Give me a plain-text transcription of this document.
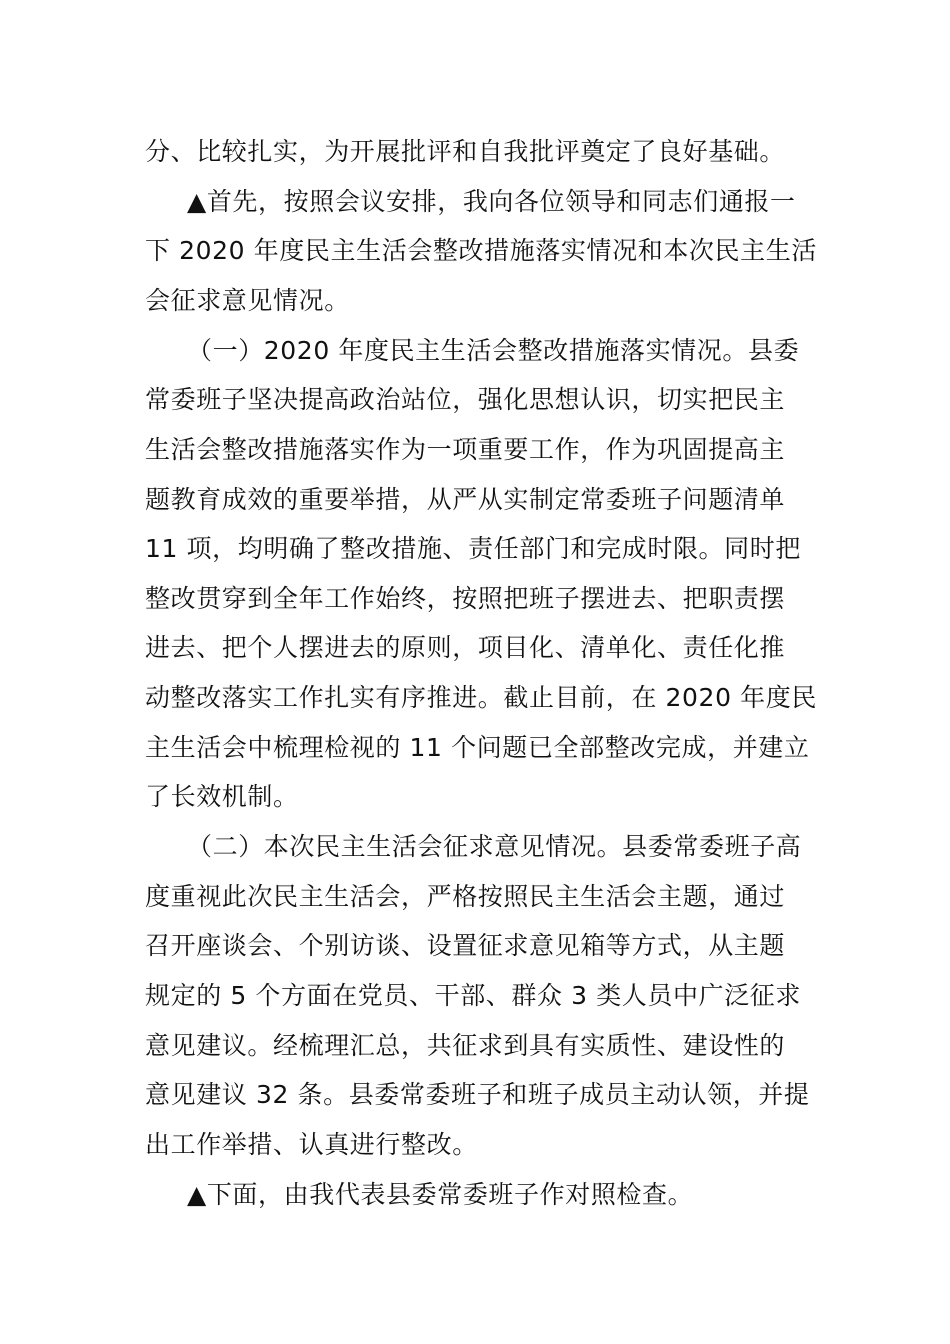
分、比较扎实，为开展批评和自我批评奠定了良好基础。
▲首先，按照会议安排，我向各位领导和同志们通报一
下 2020 年度民主生活会整改措施落实情况和本次民主生活
会征求意见情况。
（一）2020 年度民主生活会整改措施落实情况。县委
常委班子坚决提高政治站位，强化思想认识，切实把民主
生活会整改措施落实作为一项重要工作，作为巩固提高主
题教育成效的重要举措，从严从实制定常委班子问题清单
11 项，均明确了整改措施、责任部门和完成时限。同时把
整改贯穿到全年工作始终，按照把班子摆进去、把职责摆
进去、把个人摆进去的原则，项目化、清单化、责任化推
动整改落实工作扎实有序推进。截止目前，在 2020 年度民
主生活会中梳理检视的 11 个问题已全部整改完成，并建立
了长效机制。
（二）本次民主生活会征求意见情况。县委常委班子高
度重视此次民主生活会，严格按照民主生活会主题，通过
召开座谈会、个别访谈、设置征求意见箱等方式，从主题
规定的 5 个方面在党员、干部、群众 3 类人员中广泛征求
意见建议。经梳理汇总，共征求到具有实质性、建设性的
意见建议 32 条。县委常委班子和班子成员主动认领，并提
出工作举措、认真进行整改。
▲下面，由我代表县委常委班子作对照检查。
